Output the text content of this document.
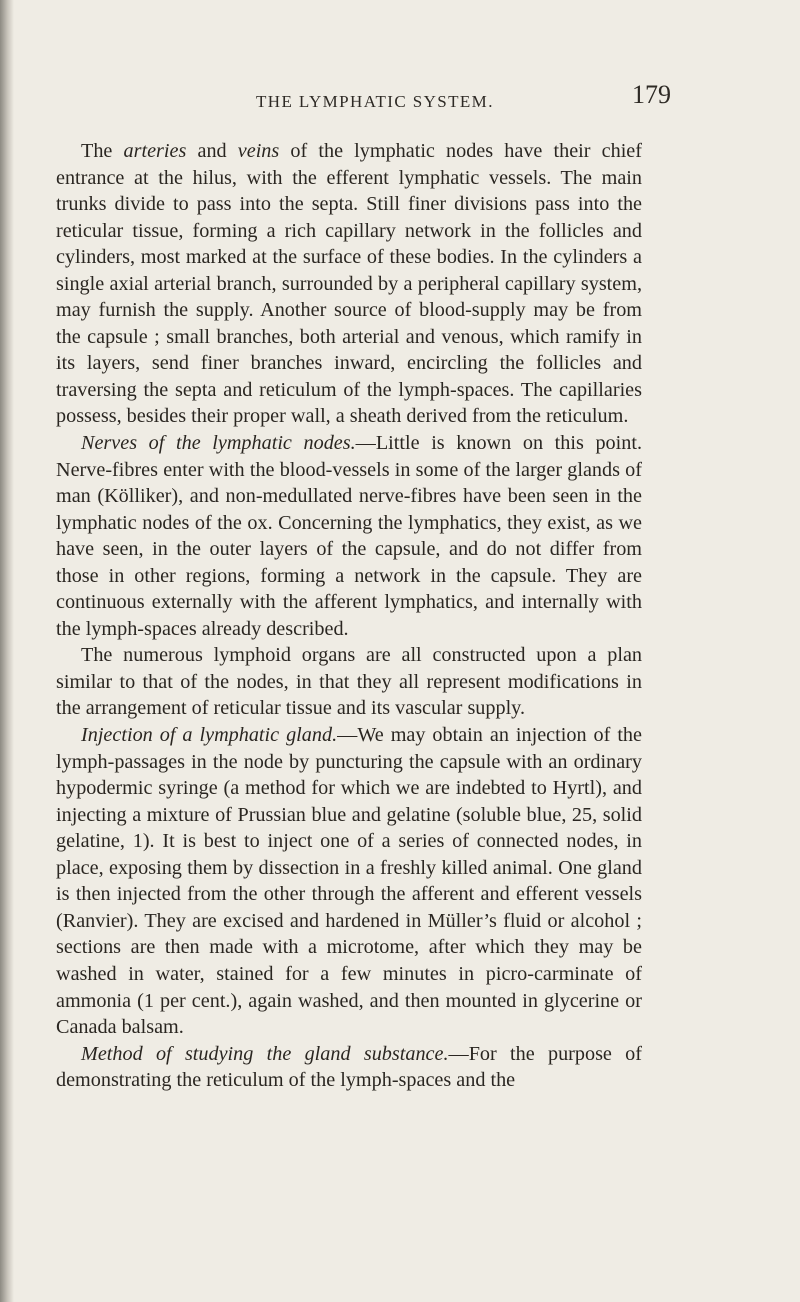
THE LYMPHATIC SYSTEM.	179

The arteries and veins of the lymphatic nodes have their chief entrance at the hilus, with the efferent lymphatic vessels. The main trunks divide to pass into the septa. Still finer divisions pass into the reticular tissue, forming a rich capillary network in the follicles and cylinders, most marked at the surface of these bodies. In the cylinders a single axial arterial branch, surrounded by a peripheral capillary system, may furnish the supply. Another source of blood-supply may be from the capsule ; small branches, both arterial and venous, which ramify in its layers, send finer branches inward, encircling the follicles and traversing the septa and reticulum of the lymph-spaces. The capillaries possess, besides their proper wall, a sheath derived from the reticulum.

Nerves of the lymphatic nodes.—Little is known on this point. Nerve-fibres enter with the blood-vessels in some of the larger glands of man (Kölliker), and non-medullated nerve-fibres have been seen in the lymphatic nodes of the ox. Concerning the lymphatics, they exist, as we have seen, in the outer layers of the capsule, and do not differ from those in other regions, forming a network in the capsule. They are continuous externally with the afferent lymphatics, and internally with the lymph-spaces already described.

The numerous lymphoid organs are all constructed upon a plan similar to that of the nodes, in that they all represent modifications in the arrangement of reticular tissue and its vascular supply.

Injection of a lymphatic gland.—We may obtain an injection of the lymph-passages in the node by puncturing the capsule with an ordinary hypodermic syringe (a method for which we are indebted to Hyrtl), and injecting a mixture of Prussian blue and gelatine (soluble blue, 25, solid gelatine, 1). It is best to inject one of a series of connected nodes, in place, exposing them by dissection in a freshly killed animal. One gland is then injected from the other through the afferent and efferent vessels (Ranvier). They are excised and hardened in Müller’s fluid or alcohol ; sections are then made with a microtome, after which they may be washed in water, stained for a few minutes in picro-carminate of ammonia (1 per cent.), again washed, and then mounted in glycerine or Canada balsam.

Method of studying the gland substance.—For the purpose of demonstrating the reticulum of the lymph-spaces and the
